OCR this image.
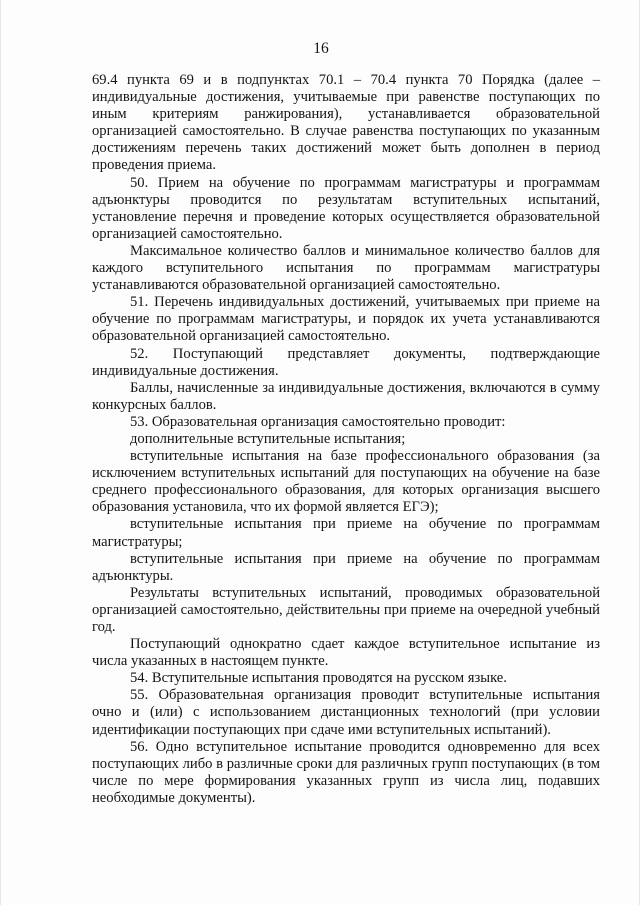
16

69.4 пункта 69 и в подпунктах 70.1 – 70.4 пункта 70 Порядка (далее – индивидуальные достижения, учитываемые при равенстве поступающих по иным критериям ранжирования), устанавливается образовательной организацией самостоятельно. В случае равенства поступающих по указанным достижениям перечень таких достижений может быть дополнен в период проведения приема.

50. Прием на обучение по программам магистратуры и программам адъюнктуры проводится по результатам вступительных испытаний, установление перечня и проведение которых осуществляется образовательной организацией самостоятельно.

Максимальное количество баллов и минимальное количество баллов для каждого вступительного испытания по программам магистратуры устанавливаются образовательной организацией самостоятельно.

51. Перечень индивидуальных достижений, учитываемых при приеме на обучение по программам магистратуры, и порядок их учета устанавливаются образовательной организацией самостоятельно.

52. Поступающий представляет документы, подтверждающие индивидуальные достижения.

Баллы, начисленные за индивидуальные достижения, включаются в сумму конкурсных баллов.

53. Образовательная организация самостоятельно проводит:

дополнительные вступительные испытания;

вступительные испытания на базе профессионального образования (за исключением вступительных испытаний для поступающих на обучение на базе среднего профессионального образования, для которых организация высшего образования установила, что их формой является ЕГЭ);

вступительные испытания при приеме на обучение по программам магистратуры;

вступительные испытания при приеме на обучение по программам адъюнктуры.

Результаты вступительных испытаний, проводимых образовательной организацией самостоятельно, действительны при приеме на очередной учебный год.

Поступающий однократно сдает каждое вступительное испытание из числа указанных в настоящем пункте.

54. Вступительные испытания проводятся на русском языке.

55. Образовательная организация проводит вступительные испытания очно и (или) с использованием дистанционных технологий (при условии идентификации поступающих при сдаче ими вступительных испытаний).

56. Одно вступительное испытание проводится одновременно для всех поступающих либо в различные сроки для различных групп поступающих (в том числе по мере формирования указанных групп из числа лиц, подавших необходимые документы).
